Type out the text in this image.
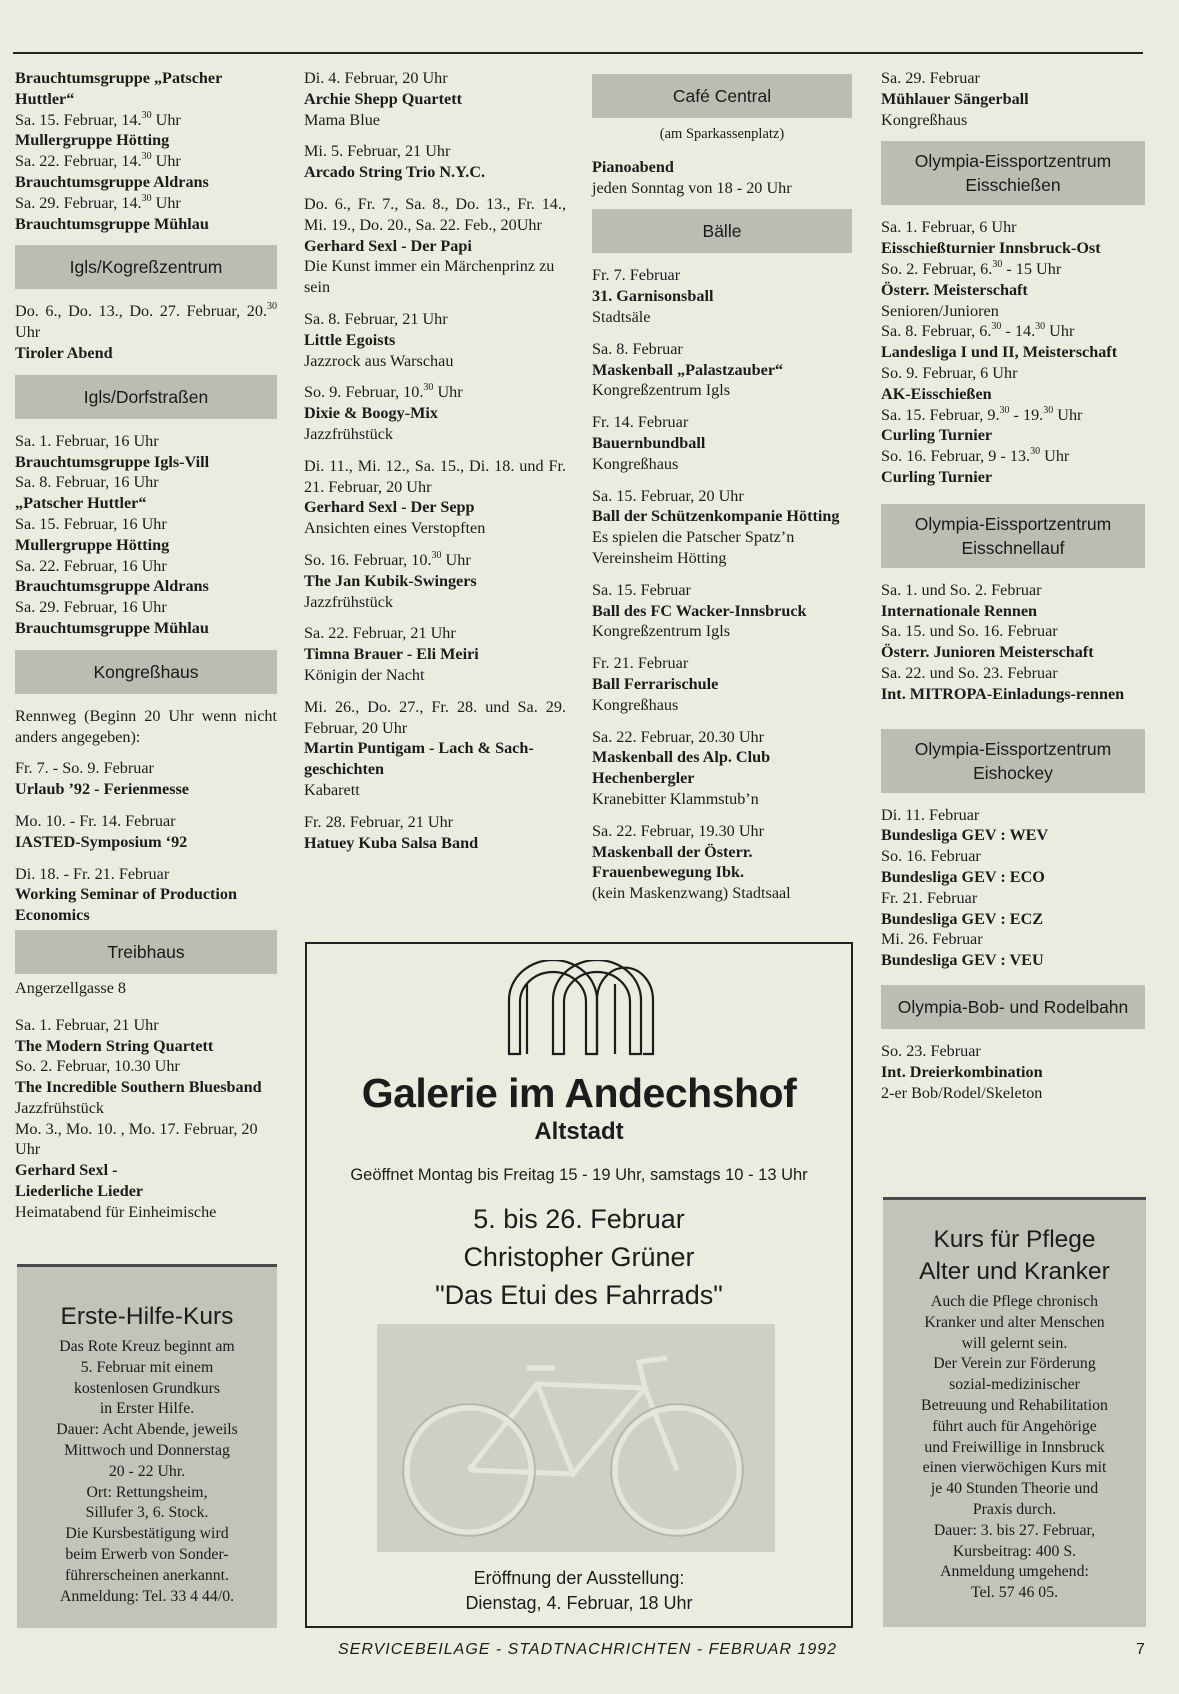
Brauchtumsgruppe „Patscher Huttler“
Sa. 15. Februar, 14.30 Uhr
Mullergruppe Hötting
Sa. 22. Februar, 14.30 Uhr
Brauchtumsgruppe Aldrans
Sa. 29. Februar, 14.30 Uhr
Brauchtumsgruppe Mühlau
Igls/Kogreßzentrum
Do. 6., Do. 13., Do. 27. Februar, 20.30 Uhr
Tiroler Abend
Igls/Dorfstraßen
Sa. 1. Februar, 16 Uhr
Brauchtumsgruppe Igls-Vill
Sa. 8. Februar, 16 Uhr
„Patscher Huttler“
Sa. 15. Februar, 16 Uhr
Mullergruppe Hötting
Sa. 22. Februar, 16 Uhr
Brauchtumsgruppe Aldrans
Sa. 29. Februar, 16 Uhr
Brauchtumsgruppe Mühlau
Kongreßhaus
Rennweg (Beginn 20 Uhr wenn nicht anders angegeben):
Fr. 7. - So. 9. Februar
Urlaub ’92 - Ferienmesse
Mo. 10. - Fr. 14. Februar
IASTED-Symposium ‘92
Di. 18. - Fr. 21. Februar
Working Seminar of Production Economics
Treibhaus
Angerzellgasse 8
Sa. 1. Februar, 21 Uhr
The Modern String Quartett
So. 2. Februar, 10.30 Uhr
The Incredible Southern Bluesband Jazzfrühstück
Mo. 3., Mo. 10. , Mo. 17. Februar, 20 Uhr
Gerhard Sexl -
Liederliche Lieder
Heimatabend für Einheimische
Di. 4. Februar, 20 Uhr
Archie Shepp Quartett
Mama Blue
Mi. 5. Februar, 21 Uhr
Arcado String Trio N.Y.C.
Do. 6., Fr. 7., Sa. 8., Do. 13., Fr. 14., Mi. 19., Do. 20., Sa. 22. Feb., 20Uhr
Gerhard Sexl - Der Papi
Die Kunst immer ein Märchenprinz zu sein
Sa. 8. Februar, 21 Uhr
Little Egoists
Jazzrock aus Warschau
So. 9. Februar, 10.30 Uhr
Dixie & Boogy-Mix
Jazzfrühstück
Di. 11., Mi. 12., Sa. 15., Di. 18. und Fr. 21. Februar, 20 Uhr
Gerhard Sexl - Der Sepp
Ansichten eines Verstopften
So. 16. Februar, 10.30 Uhr
The Jan Kubik-Swingers
Jazzfrühstück
Sa. 22. Februar, 21 Uhr
Timna Brauer - Eli Meiri
Königin der Nacht
Mi. 26., Do. 27., Fr. 28. und Sa. 29. Februar, 20 Uhr
Martin Puntigam - Lach & Sach-geschichten
Kabarett
Fr. 28. Februar, 21 Uhr
Hatuey Kuba Salsa Band
Café Central
(am Sparkassenplatz)
Pianoabend
jeden Sonntag von 18 - 20 Uhr
Bälle
Fr. 7. Februar
31. Garnisonsball
Stadtsäle
Sa. 8. Februar
Maskenball „Palastzauber“
Kongreßzentrum Igls
Fr. 14. Februar
Bauernbundball
Kongreßhaus
Sa. 15. Februar, 20 Uhr
Ball der Schützenkompanie Hötting
Es spielen die Patscher Spatz’n
Vereinsheim Hötting
Sa. 15. Februar
Ball des FC Wacker-Innsbruck
Kongreßzentrum Igls
Fr. 21. Februar
Ball Ferrarischule
Kongreßhaus
Sa. 22. Februar, 20.30 Uhr
Maskenball des Alp. Club Hechenbergler
Kranebitter Klammstub’n
Sa. 22. Februar, 19.30 Uhr
Maskenball der Österr. Frauenbewegung Ibk.
(kein Maskenzwang) Stadtsaal
Sa. 29. Februar
Mühlauer Sängerball
Kongreßhaus
Olympia-Eissportzentrum
Eisschießen
Sa. 1. Februar, 6 Uhr
Eisschießturnier Innsbruck-Ost
So. 2. Februar, 6.30 - 15 Uhr
Österr. Meisterschaft
Senioren/Junioren
Sa. 8. Februar, 6.30 - 14.30 Uhr
Landesliga I und II, Meisterschaft
So. 9. Februar, 6 Uhr
AK-Eisschießen
Sa. 15. Februar, 9.30 - 19.30 Uhr
Curling Turnier
So. 16. Februar, 9 - 13.30 Uhr
Curling Turnier
Olympia-Eissportzentrum
Eisschnellauf
Sa. 1. und So. 2. Februar
Internationale Rennen
Sa. 15. und So. 16. Februar
Österr. Junioren Meisterschaft
Sa. 22. und So. 23. Februar
Int. MITROPA-Einladungs-rennen
Olympia-Eissportzentrum
Eishockey
Di. 11. Februar
Bundesliga GEV : WEV
So. 16. Februar
Bundesliga GEV : ECO
Fr. 21. Februar
Bundesliga GEV : ECZ
Mi. 26. Februar
Bundesliga GEV : VEU
Olympia-Bob- und Rodelbahn
So. 23. Februar
Int. Dreierkombination
2-er Bob/Rodel/Skeleton
Erste-Hilfe-Kurs
Das Rote Kreuz beginnt am
5. Februar mit einem
kostenlosen Grundkurs
in Erster Hilfe.
Dauer: Acht Abende, jeweils
Mittwoch und Donnerstag
20 - 22 Uhr.
Ort: Rettungsheim,
Sillufer 3, 6. Stock.
Die Kursbestätigung wird
beim Erwerb von Sonder-
führerscheinen anerkannt.
Anmeldung: Tel. 33 4 44/0.
Kurs für Pflege
Alter und Kranker
Auch die Pflege chronisch
Kranker und alter Menschen
will gelernt sein.
Der Verein zur Förderung
sozial-medizinischer
Betreuung und Rehabilitation
führt auch für Angehörige
und Freiwillige in Innsbruck
einen vierwöchigen Kurs mit
je 40 Stunden Theorie und
Praxis durch.
Dauer: 3. bis 27. Februar,
Kursbeitrag: 400 S.
Anmeldung umgehend:
Tel. 57 46 05.
Galerie im Andechshof
Altstadt
Geöffnet Montag bis Freitag 15 - 19 Uhr, samstags 10 - 13 Uhr
5. bis 26. Februar
Christopher Grüner
"Das Etui des Fahrrads"
Eröffnung der Ausstellung:
Dienstag, 4. Februar, 18 Uhr
SERVICEBEILAGE - STADTNACHRICHTEN - FEBRUAR 1992	7
